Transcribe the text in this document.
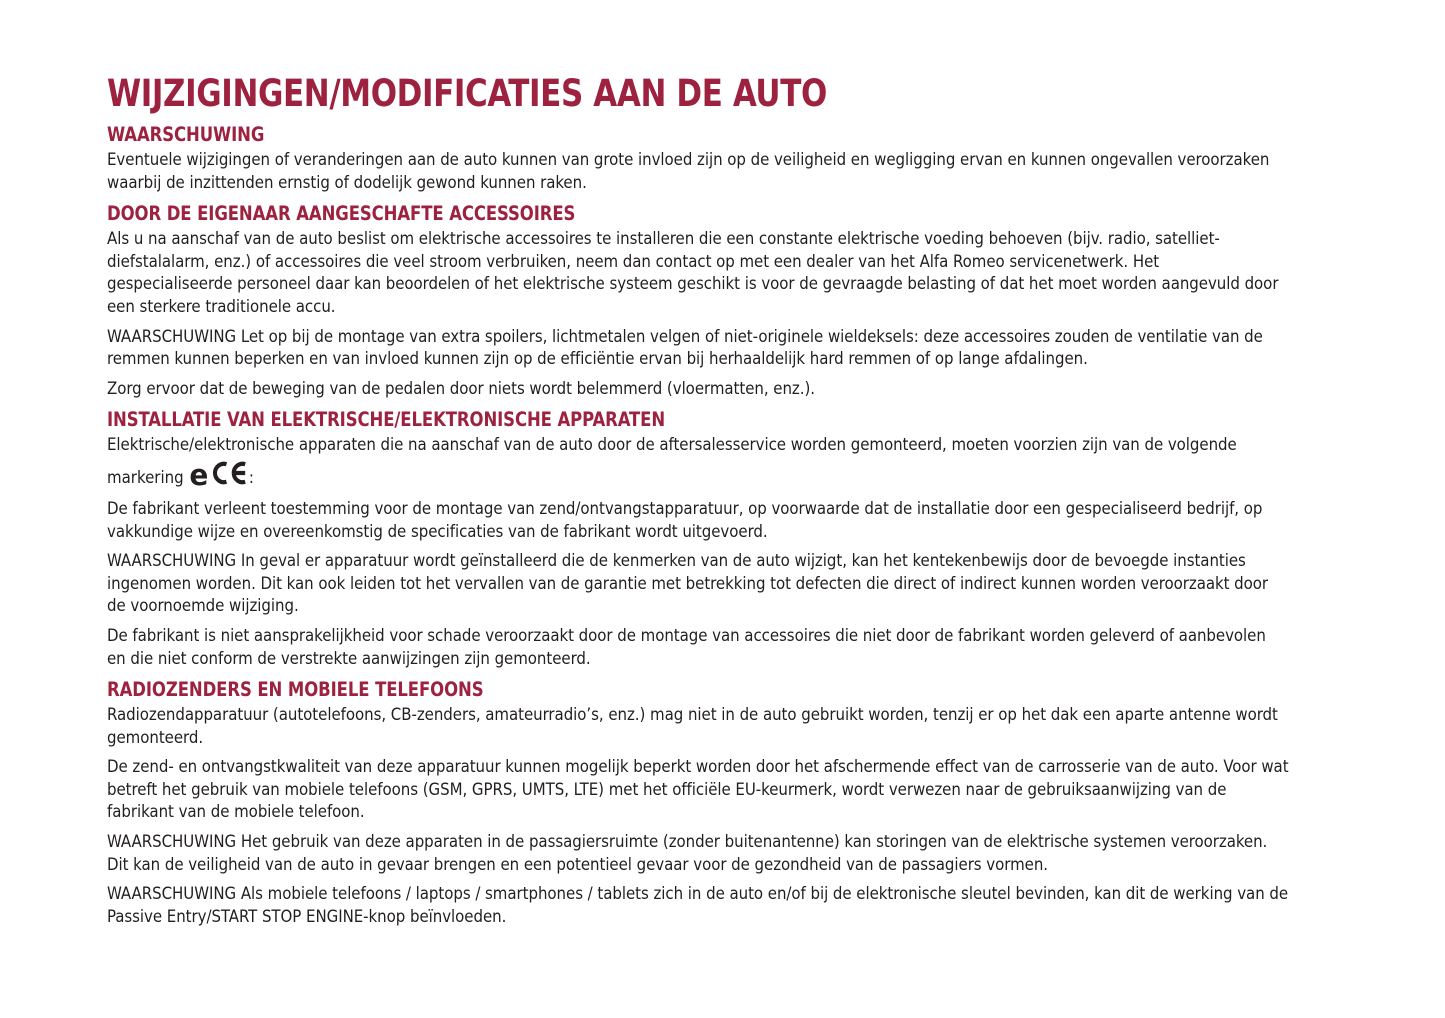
WIJZIGINGEN/MODIFICATIES AAN DE AUTO
WAARSCHUWING

Eventuele wijzigingen of veranderingen aan de auto kunnen van grote invloed zijn op de veiligheid en wegligging ervan en kunnen ongevallen veroorzaken waarbij de inzittenden ernstig of dodelijk gewond kunnen raken.

DOOR DE EIGENAAR AANGESCHAFTE ACCESSOIRES

Als u na aanschaf van de auto beslist om elektrische accessoires te installeren die een constante elektrische voeding behoeven (bijv. radio, satelliet-diefstalalarm, enz.) of accessoires die veel stroom verbruiken, neem dan contact op met een dealer van het Alfa Romeo servicenetwerk. Het gespecialiseerde personeel daar kan beoordelen of het elektrische systeem geschikt is voor de gevraagde belasting of dat het moet worden aangevuld door een sterkere traditionele accu.

WAARSCHUWING Let op bij de montage van extra spoilers, lichtmetalen velgen of niet-originele wieldeksels: deze accessoires zouden de ventilatie van de remmen kunnen beperken en van invloed kunnen zijn op de efficiëntie ervan bij herhaaldelijk hard remmen of op lange afdalingen.

Zorg ervoor dat de beweging van de pedalen door niets wordt belemmerd (vloermatten, enz.).

INSTALLATIE VAN ELEKTRISCHE/ELEKTRONISCHE APPARATEN

Elektrische/elektronische apparaten die na aanschaf van de auto door de aftersalesservice worden gemonteerd, moeten voorzien zijn van de volgende

markering e :

De fabrikant verleent toestemming voor de montage van zend/ontvangstapparatuur, op voorwaarde dat de installatie door een gespecialiseerd bedrijf, op vakkundige wijze en overeenkomstig de specificaties van de fabrikant wordt uitgevoerd.

WAARSCHUWING In geval er apparatuur wordt geïnstalleerd die de kenmerken van de auto wijzigt, kan het kentekenbewijs door de bevoegde instanties ingenomen worden. Dit kan ook leiden tot het vervallen van de garantie met betrekking tot defecten die direct of indirect kunnen worden veroorzaakt door de voornoemde wijziging.

De fabrikant is niet aansprakelijkheid voor schade veroorzaakt door de montage van accessoires die niet door de fabrikant worden geleverd of aanbevolen en die niet conform de verstrekte aanwijzingen zijn gemonteerd.

RADIOZENDERS EN MOBIELE TELEFOONS

Radiozendapparatuur (autotelefoons, CB-zenders, amateurradio’s, enz.) mag niet in de auto gebruikt worden, tenzij er op het dak een aparte antenne wordt gemonteerd.

De zend- en ontvangstkwaliteit van deze apparatuur kunnen mogelijk beperkt worden door het afschermende effect van de carrosserie van de auto. Voor wat betreft het gebruik van mobiele telefoons (GSM, GPRS, UMTS, LTE) met het officiële EU-keurmerk, wordt verwezen naar de gebruiksaanwijzing van de fabrikant van de mobiele telefoon.

WAARSCHUWING Het gebruik van deze apparaten in de passagiersruimte (zonder buitenantenne) kan storingen van de elektrische systemen veroorzaken. Dit kan de veiligheid van de auto in gevaar brengen en een potentieel gevaar voor de gezondheid van de passagiers vormen.

WAARSCHUWING Als mobiele telefoons / laptops / smartphones / tablets zich in de auto en/of bij de elektronische sleutel bevinden, kan dit de werking van de Passive Entry/START STOP ENGINE-knop beïnvloeden.
